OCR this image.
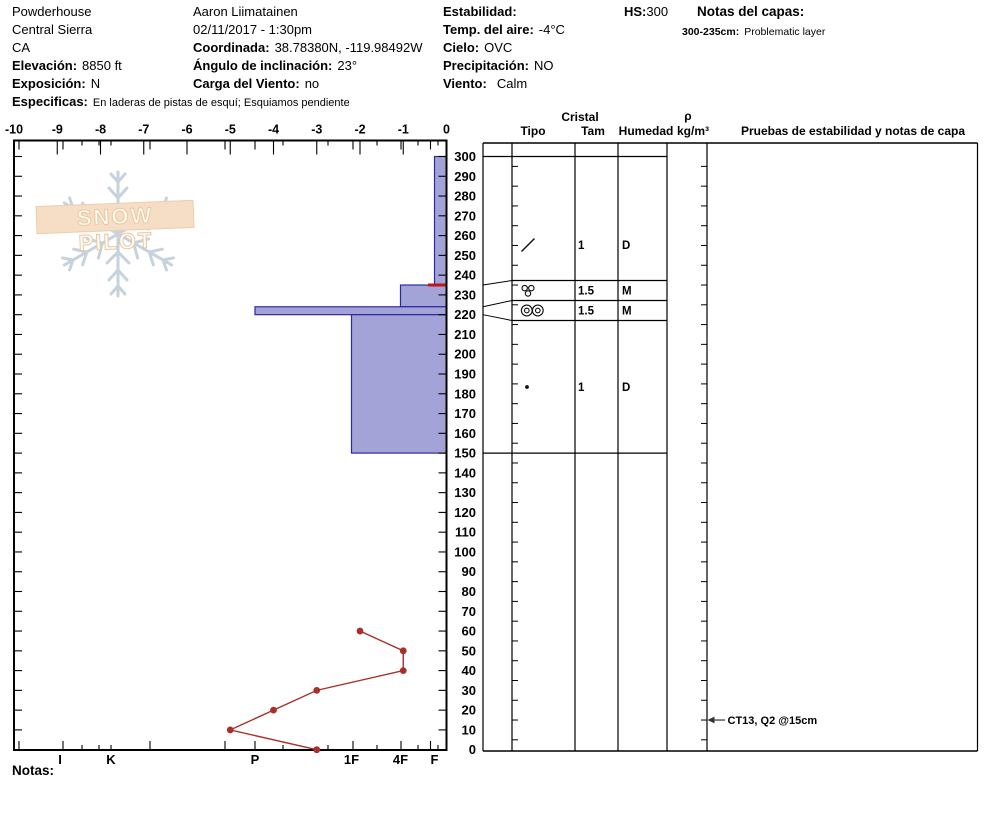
Powderhouse
Central Sierra
CA
Elevación: 8850 ft
Exposición: N
Especificas: En laderas de pistas de esquí; Esquiamos pendiente
Aaron Liimatainen
02/11/2017 - 1:30pm
Coordinada: 38.78380N, -119.98492W
Ángulo de inclinación: 23°
Carga del Viento: no
Estabilidad:
Temp. del aire: -4°C
Cielo: OVC
Precipitación: NO
Viento: Calm
HS:300 Notas del capas:
300-235cm: Problematic layer
SNOW PILOT
-10 -9	-8	-7	-6	-5	-4	-3	-2	-1	0
I	K	P	1F	4F F
300
290
280
270
260
250
240
230
220
210
200
190
180
170
160
150
140
130
120
110
100
90
80
70
60
50
40
30
20
10
0
1	D
1.5 M
1.5 M
1	D
CT13, Q2 @15cm
Cristal
Tipo	Tam Humedad
ρ
kg/m³	Pruebas de estabilidad y notas de capa
Notas:
